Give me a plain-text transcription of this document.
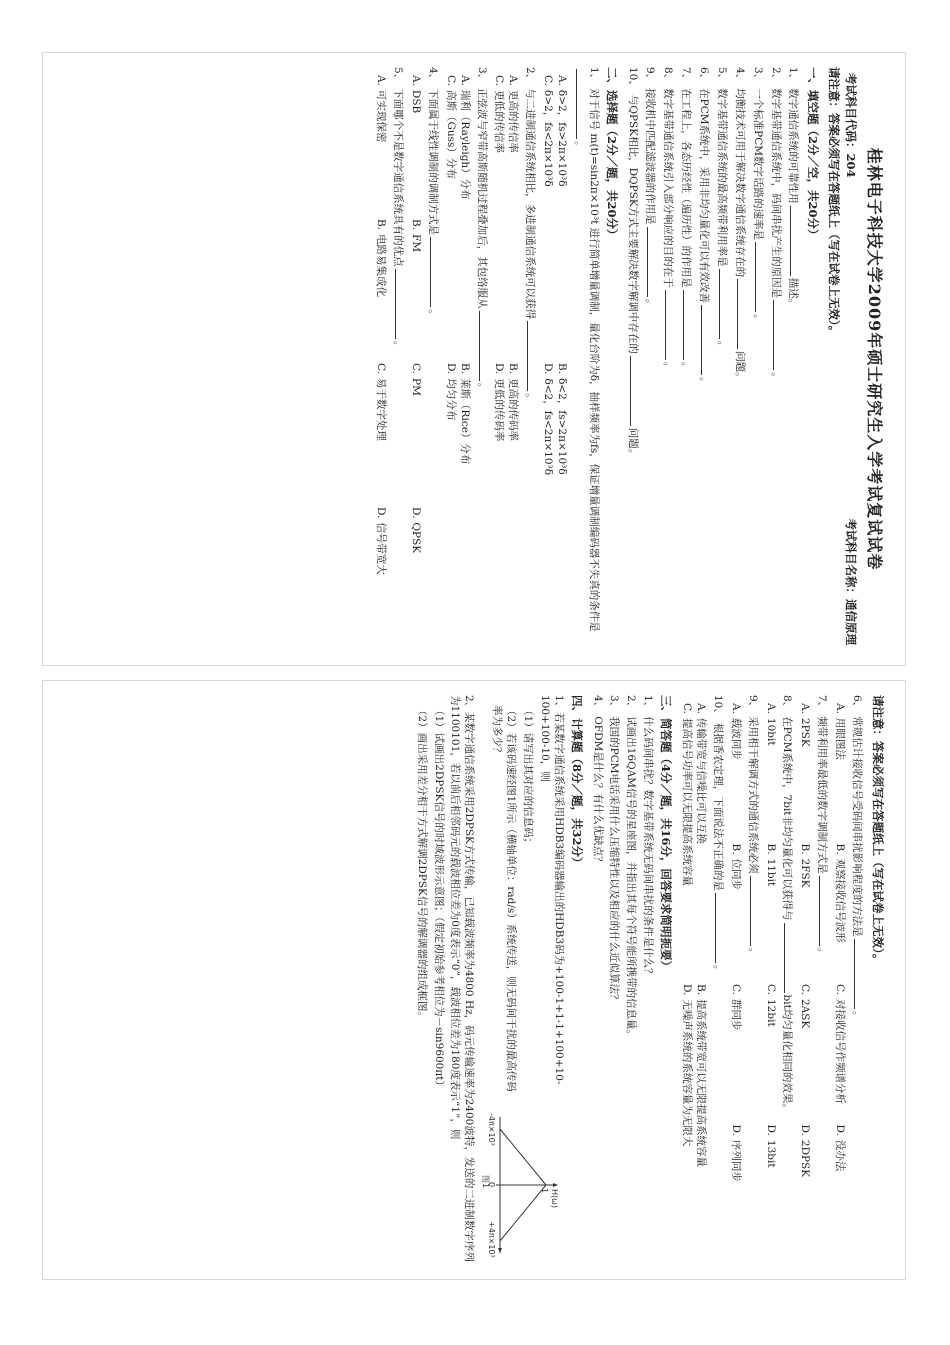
桂林电子科技大学2009年硕士研究生入学考试复试试卷
考试科目代码：204
考试科目名称：通信原理
请注意：答案必须写在答题纸上（写在试卷上无效）。
一、填空题（2分／空，共20分）
1、数字通信系统的可靠性用描述。
2、数字基带通信系统中，码间串扰产生的原因是。
3、一个标准PCM数字话路的速率是。
4、均衡技术可用于解决数字通信系统存在的问题。
5、数字基带通信系统的最高频带利用率是。
6、在PCM系统中，采用非均匀量化可以有效改善。
7、在工程上，各态历经性（遍历性）的作用是。
8、数字基带通信系统引入部分响应的目的在于。
9、接收机中匹配滤波器的作用是。
10、与QPSK相比，DQPSK方式主要解决数字解调中存在的问题。
二、选择题（2分／题，共20分）
1、对于信号 m(t)=sin2π×10³t 进行简单增量调制，量化台阶为δ，抽样频率为fs，保证增量调制编码器不失真的条件是。
A.δ>2，fs>2π×10³δ
B.δ<2，fs>2π×10³δ
C.δ>2，fs<2π×10³δ
D.δ<2，fs<2π×10³δ
2、与二进制通信系统相比，多进制通信系统可以获得。
A.更高的传信率
B.更高的传码率
C.更低的传信率
D.更低的传码率
3、正弦波与窄带高斯随机过程叠加后，其包络服从。
A.瑞利（Rayleigh）分布
B.莱斯（Rice）分布
C.高斯（Guss）分布
D.均匀分布
4、下面属于线性调制的调制方式是。
A.DSB
B.FM
C.PM
D.QPSK
5、下面哪个不是数字通信系统具有的优点。
A.可实现保密
B.电路易集成化
C.易于数字处理
D.信号带宽大
请注意：答案必须写在答题纸上（写在试卷上无效）。
6、常规估计接收信号受码间串扰影响程度的方法是。
A.用眼图法
B.观察接收信号波形
C.对接收信号作频谱分析
D.没办法
7、频带利用率最低的数字调制方式是。
A.2PSK
B.2FSK
C.2ASK
D.2DPSK
8、在PCM系统中，7bit非均匀量化可以获得与bit均匀量化相同的效果。
A.10bit
B.11bit
C.12bit
D.13bit
9、采用相干解调方式的通信系统必须。
A.载波同步
B.位同步
C.群同步
D.序列同步
10、根据香农定理，下面说法不正确的是。
A.传输带宽与信噪比可以互换
B.提高系统带宽可以无限提高系统容量
C.提高信号功率可以无限提高系统容量
D.无噪声系统的系统容量为无限大
三、简答题（4分／题，共16分，回答要求简明扼要）
1、什么码间串扰？数字基带系统无码间串扰的条件是什么？
2、试画出16QAM信号的星座图，并指出其每个符号能所携带的信息量。
3、我国的PCM电话采用什么压缩特性以及相应的什么近似算法？
4、OFDM是什么？有什么优缺点？
四、计算题（8分／题，共32分）
1、若某数字通信系统采用HDB3编码器输出的HDB3码为+100-1+1-1+100+10-100+100-10，则
（1）请写出其对应的信息码；
（2）若该码速经图1所示（横轴单位：rad/s）系统传送，则无码间干扰的最高传码率为多少？
2、某数字通信系统采用2DPSK方式传输，已知载波频率为4800 Hz，码元传输速率为2400波特，发送的二进制数字序列为1100101，若以前后相邻码元的载波相位差为0度表示“0”，载波相位差为180度表示“1”，则
（1）试画出2DPSK信号的时域波形示意图；（假定初始参考相位为－sin9600πt）
（2）画出采用差分相干方式解调2DPSK信号的解调器的组成框图。
H(ω)
1
-4π×10³
0
+4π×10³
图1
